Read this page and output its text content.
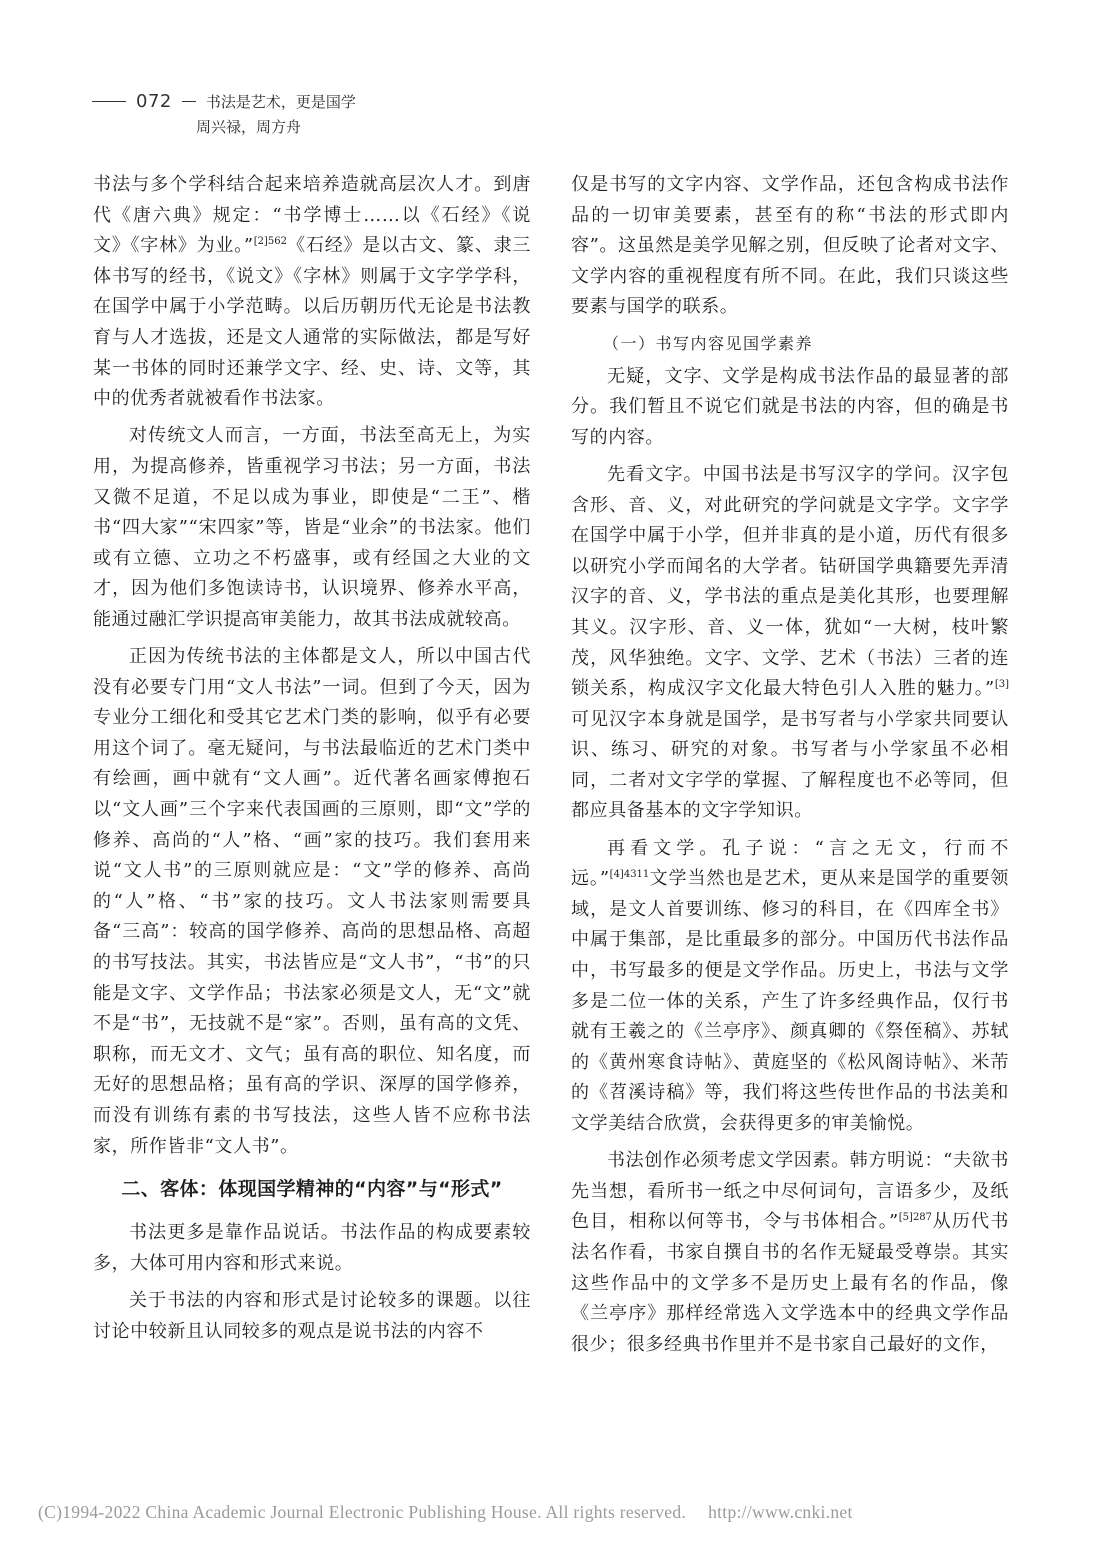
072 书法是艺术，更是国学
周兴禄，周方舟

书法与多个学科结合起来培养造就高层次人才。到唐代《唐六典》规定：“书学博士……以《石经》《说文》《字林》为业。”$^{[2]562}$《石经》是以古文、篆、隶三体书写的经书，《说文》《字林》则属于文字学学科，在国学中属于小学范畴。以后历朝历代无论是书法教育与人才选拔，还是文人通常的实际做法，都是写好某一书体的同时还兼学文字、经、史、诗、文等，其中的优秀者就被看作书法家。

对传统文人而言，一方面，书法至高无上，为实用，为提高修养，皆重视学习书法；另一方面，书法又微不足道，不足以成为事业，即使是“二王”、楷书“四大家”“宋四家”等，皆是“业余”的书法家。他们或有立德、立功之不朽盛事，或有经国之大业的文才，因为他们多饱读诗书，认识境界、修养水平高，能通过融汇学识提高审美能力，故其书法成就较高。

正因为传统书法的主体都是文人，所以中国古代没有必要专门用“文人书法”一词。但到了今天，因为专业分工细化和受其它艺术门类的影响，似乎有必要用这个词了。毫无疑问，与书法最临近的艺术门类中有绘画，画中就有“文人画”。近代著名画家傅抱石以“文人画”三个字来代表国画的三原则，即“文”学的修养、高尚的“人”格、“画”家的技巧。我们套用来说“文人书”的三原则就应是：“文”学的修养、高尚的“人”格、“书”家的技巧。文人书法家则需要具备“三高”：较高的国学修养、高尚的思想品格、高超的书写技法。其实，书法皆应是“文人书”，“书”的只能是文字、文学作品；书法家必须是文人，无“文”就不是“书”，无技就不是“家”。否则，虽有高的文凭、职称，而无文才、文气；虽有高的职位、知名度，而无好的思想品格；虽有高的学识、深厚的国学修养，而没有训练有素的书写技法，这些人皆不应称书法家，所作皆非“文人书”。

二、客体：体现国学精神的“内容”与“形式”

书法更多是靠作品说话。书法作品的构成要素较多，大体可用内容和形式来说。

关于书法的内容和形式是讨论较多的课题。以往讨论中较新且认同较多的观点是说书法的内容不

仅是书写的文字内容、文学作品，还包含构成书法作品的一切审美要素，甚至有的称“书法的形式即内容”。这虽然是美学见解之别，但反映了论者对文字、文学内容的重视程度有所不同。在此，我们只谈这些要素与国学的联系。

（一）书写内容见国学素养

无疑，文字、文学是构成书法作品的最显著的部分。我们暂且不说它们就是书法的内容，但的确是书写的内容。

先看文字。中国书法是书写汉字的学问。汉字包含形、音、义，对此研究的学问就是文字学。文字学在国学中属于小学，但并非真的是小道，历代有很多以研究小学而闻名的大学者。钻研国学典籍要先弄清汉字的音、义，学书法的重点是美化其形，也要理解其义。汉字形、音、义一体，犹如“一大树，枝叶繁茂，风华独绝。文字、文学、艺术（书法）三者的连锁关系，构成汉字文化最大特色引人入胜的魅力。”[3]可见汉字本身就是国学，是书写者与小学家共同要认识、练习、研究的对象。书写者与小学家虽不必相同，二者对文字学的掌握、了解程度也不必等同，但都应具备基本的文字学知识。

再看文学。孔子说：“言之无文，行而不远。”$^{[4]4311}$文学当然也是艺术，更从来是国学的重要领域，是文人首要训练、修习的科目，在《四库全书》中属于集部，是比重最多的部分。中国历代书法作品中，书写最多的便是文学作品。历史上，书法与文学多是二位一体的关系，产生了许多经典作品，仅行书就有王羲之的《兰亭序》、颜真卿的《祭侄稿》、苏轼的《黄州寒食诗帖》、黄庭坚的《松风阁诗帖》、米芾的《苕溪诗稿》等，我们将这些传世作品的书法美和文学美结合欣赏，会获得更多的审美愉悦。

书法创作必须考虑文学因素。韩方明说：“夫欲书先当想，看所书一纸之中尽何词句，言语多少，及纸色目，相称以何等书，令与书体相合。”$^{[5]287}$从历代书法名作看，书家自撰自书的名作无疑最受尊崇。其实这些作品中的文学多不是历史上最有名的作品，像《兰亭序》那样经常选入文学选本中的经典文学作品很少；很多经典书作里并不是书家自己最好的文作，

(C)1994-2022 China Academic Journal Electronic Publishing House. All rights reserved. http://www.cnki.net
